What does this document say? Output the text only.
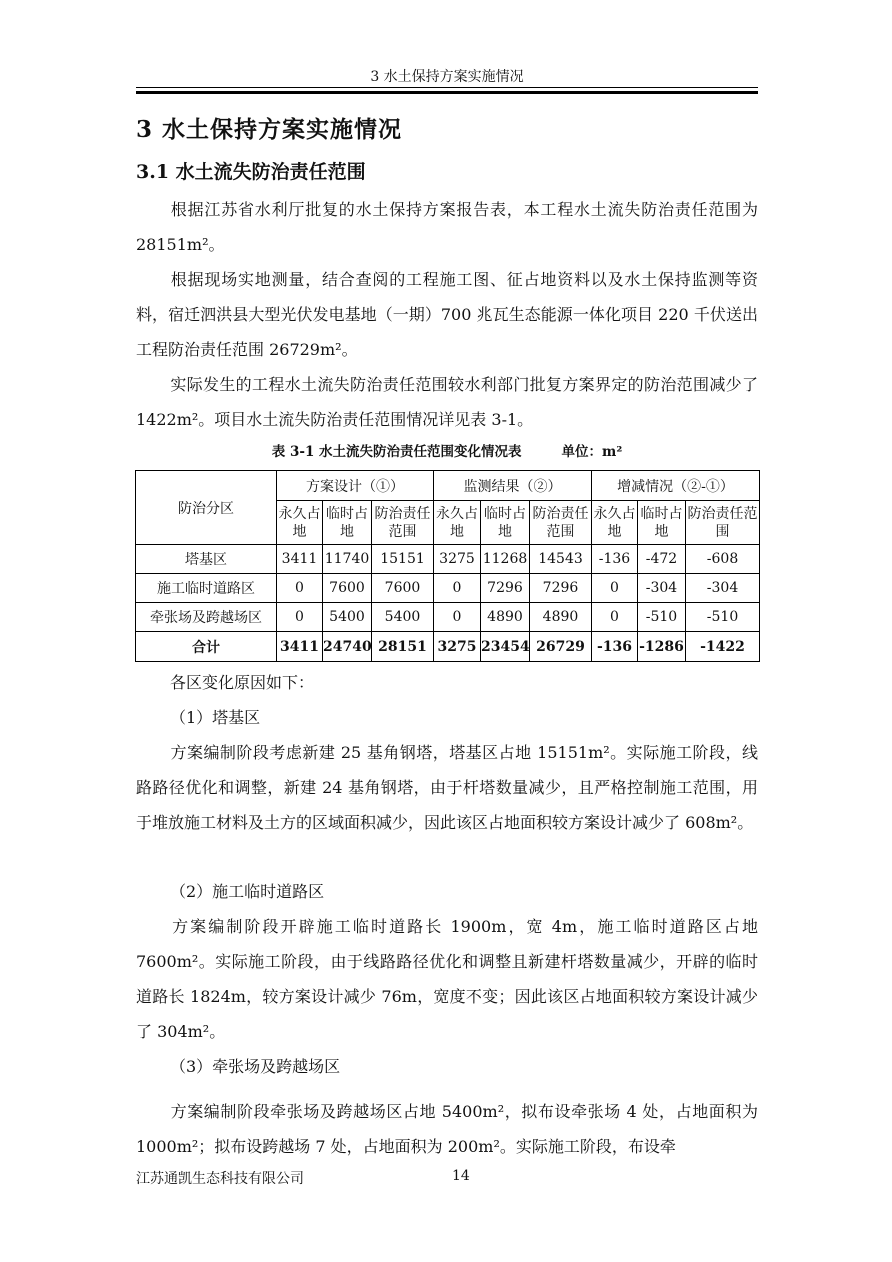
3 水土保持方案实施情况
3 水土保持方案实施情况
3.1 水土流失防治责任范围
根据江苏省水利厅批复的水土保持方案报告表，本工程水土流失防治责任范围为 28151m²。
根据现场实地测量，结合查阅的工程施工图、征占地资料以及水土保持监测等资料，宿迁泗洪县大型光伏发电基地（一期）700 兆瓦生态能源一体化项目 220 千伏送出工程防治责任范围 26729m²。
实际发生的工程水土流失防治责任范围较水利部门批复方案界定的防治范围减少了 1422m²。项目水土流失防治责任范围情况详见表 3-1。
表 3-1 水土流失防治责任范围变化情况表	单位：m²
防治分区	方案设计（①）			监测结果（②）			增减情况（②-①）		
	永久占地	临时占地	防治责任范围	永久占地	临时占地	防治责任范围	永久占地	临时占地	防治责任范围
塔基区	3411	11740	15151	3275	11268	14543	-136	-472	-608
施工临时道路区	0	7600	7600	0	7296	7296	0	-304	-304
牵张场及跨越场区	0	5400	5400	0	4890	4890	0	-510	-510
合计	3411	24740	28151	3275	23454	26729	-136	-1286	-1422
各区变化原因如下：
（1）塔基区
方案编制阶段考虑新建 25 基角钢塔，塔基区占地 15151m²。实际施工阶段，线路路径优化和调整，新建 24 基角钢塔，由于杆塔数量减少，且严格控制施工范围，用于堆放施工材料及土方的区域面积减少，因此该区占地面积较方案设计减少了 608m²。
（2）施工临时道路区
方案编制阶段开辟施工临时道路长 1900m，宽 4m，施工临时道路区占地 7600m²。实际施工阶段，由于线路路径优化和调整且新建杆塔数量减少，开辟的临时道路长 1824m，较方案设计减少 76m，宽度不变；因此该区占地面积较方案设计减少了 304m²。
（3）牵张场及跨越场区
方案编制阶段牵张场及跨越场区占地 5400m²，拟布设牵张场 4 处，占地面积为 1000m²；拟布设跨越场 7 处，占地面积为 200m²。实际施工阶段，布设牵
江苏通凯生态科技有限公司	14
